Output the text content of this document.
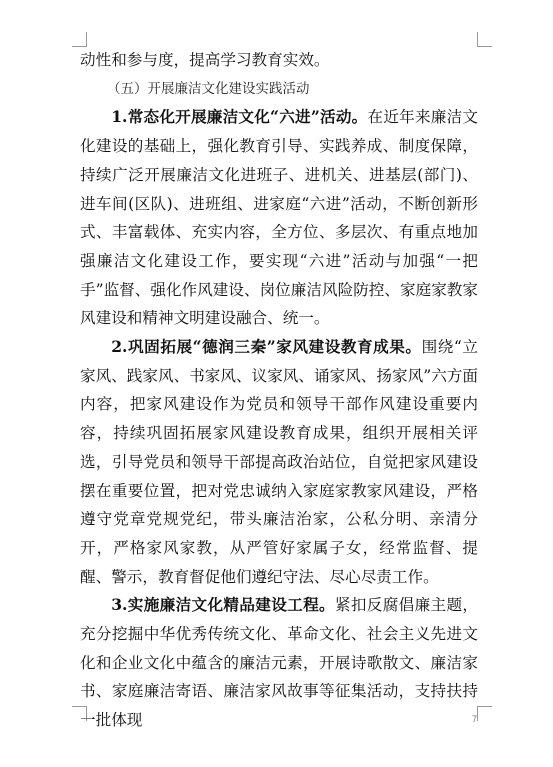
动性和参与度，提高学习教育实效。

（五）开展廉洁文化建设实践活动

1.常态化开展廉洁文化“六进”活动。在近年来廉洁文化建设的基础上，强化教育引导、实践养成、制度保障，持续广泛开展廉洁文化进班子、进机关、进基层(部门)、进车间(区队)、进班组、进家庭“六进”活动，不断创新形式、丰富载体、充实内容，全方位、多层次、有重点地加强廉洁文化建设工作，要实现“六进”活动与加强“一把手”监督、强化作风建设、岗位廉洁风险防控、家庭家教家风建设和精神文明建设融合、统一。

2.巩固拓展“德润三秦”家风建设教育成果。围绕“立家风、践家风、书家风、议家风、诵家风、扬家风”六方面内容，把家风建设作为党员和领导干部作风建设重要内容，持续巩固拓展家风建设教育成果，组织开展相关评选，引导党员和领导干部提高政治站位，自觉把家风建设摆在重要位置，把对党忠诚纳入家庭家教家风建设，严格遵守党章党规党纪，带头廉洁治家，公私分明、亲清分开，严格家风家教，从严管好家属子女，经常监督、提醒、警示，教育督促他们遵纪守法、尽心尽责工作。

3.实施廉洁文化精品建设工程。紧扣反腐倡廉主题，充分挖掘中华优秀传统文化、革命文化、社会主义先进文化和企业文化中蕴含的廉洁元素，开展诗歌散文、廉洁家书、家庭廉洁寄语、廉洁家风故事等征集活动，支持扶持一批体现	7
